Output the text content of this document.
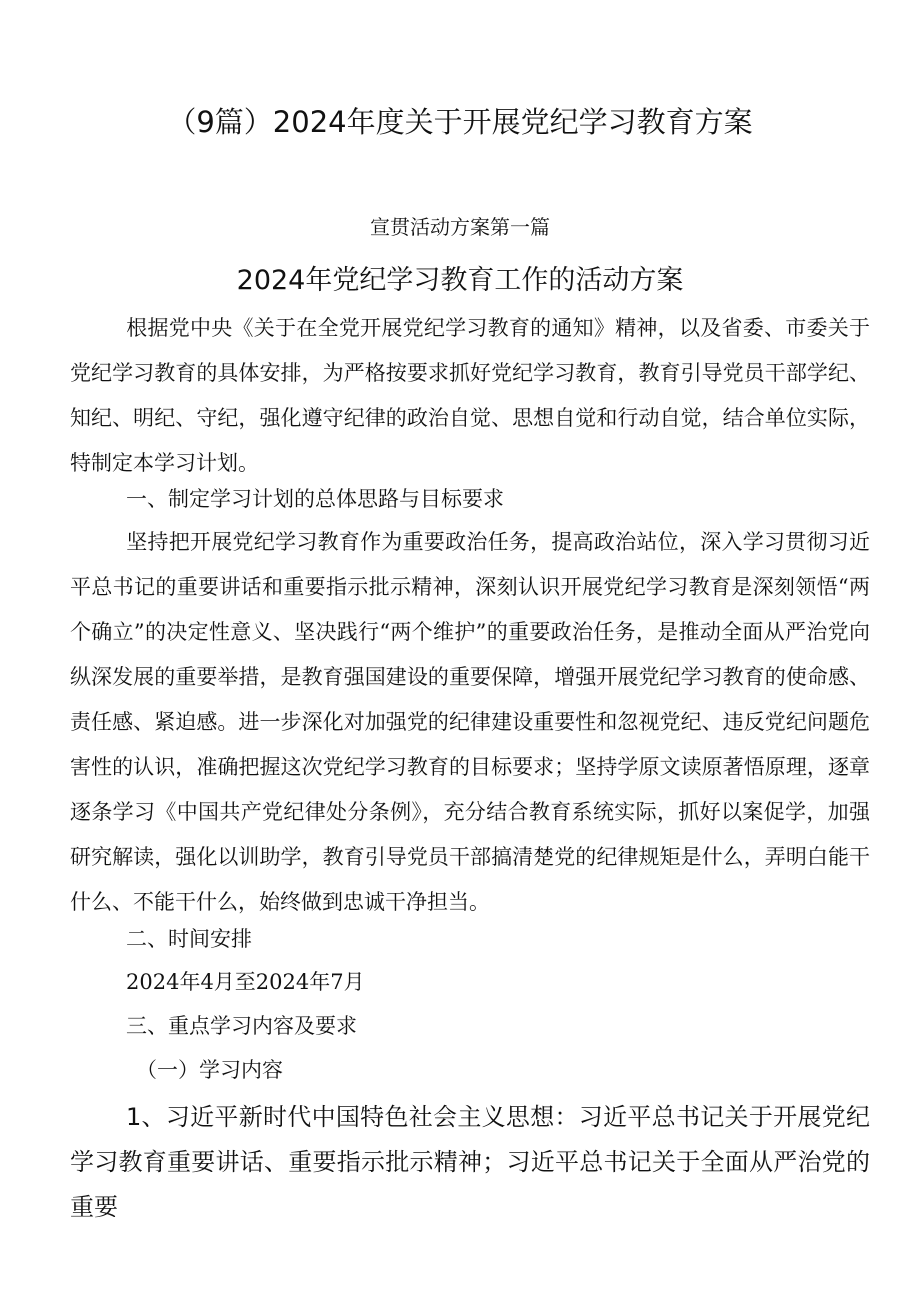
（9篇）2024年度关于开展党纪学习教育方案
宣贯活动方案第一篇
2024年党纪学习教育工作的活动方案
根据党中央《关于在全党开展党纪学习教育的通知》精神，以及省委、市委关于党纪学习教育的具体安排，为严格按要求抓好党纪学习教育，教育引导党员干部学纪、知纪、明纪、守纪，强化遵守纪律的政治自觉、思想自觉和行动自觉，结合单位实际，特制定本学习计划。
一、制定学习计划的总体思路与目标要求
坚持把开展党纪学习教育作为重要政治任务，提高政治站位，深入学习贯彻习近平总书记的重要讲话和重要指示批示精神，深刻认识开展党纪学习教育是深刻领悟“两个确立”的决定性意义、坚决践行“两个维护”的重要政治任务，是推动全面从严治党向纵深发展的重要举措，是教育强国建设的重要保障，增强开展党纪学习教育的使命感、责任感、紧迫感。进一步深化对加强党的纪律建设重要性和忽视党纪、违反党纪问题危害性的认识，准确把握这次党纪学习教育的目标要求；坚持学原文读原著悟原理，逐章逐条学习《中国共产党纪律处分条例》，充分结合教育系统实际，抓好以案促学，加强研究解读，强化以训助学，教育引导党员干部搞清楚党的纪律规矩是什么，弄明白能干什么、不能干什么，始终做到忠诚干净担当。
二、时间安排
2024年4月至2024年7月
三、重点学习内容及要求
（一）学习内容
1、习近平新时代中国特色社会主义思想：习近平总书记关于开展党纪学习教育重要讲话、重要指示批示精神；习近平总书记关于全面从严治党的重要
